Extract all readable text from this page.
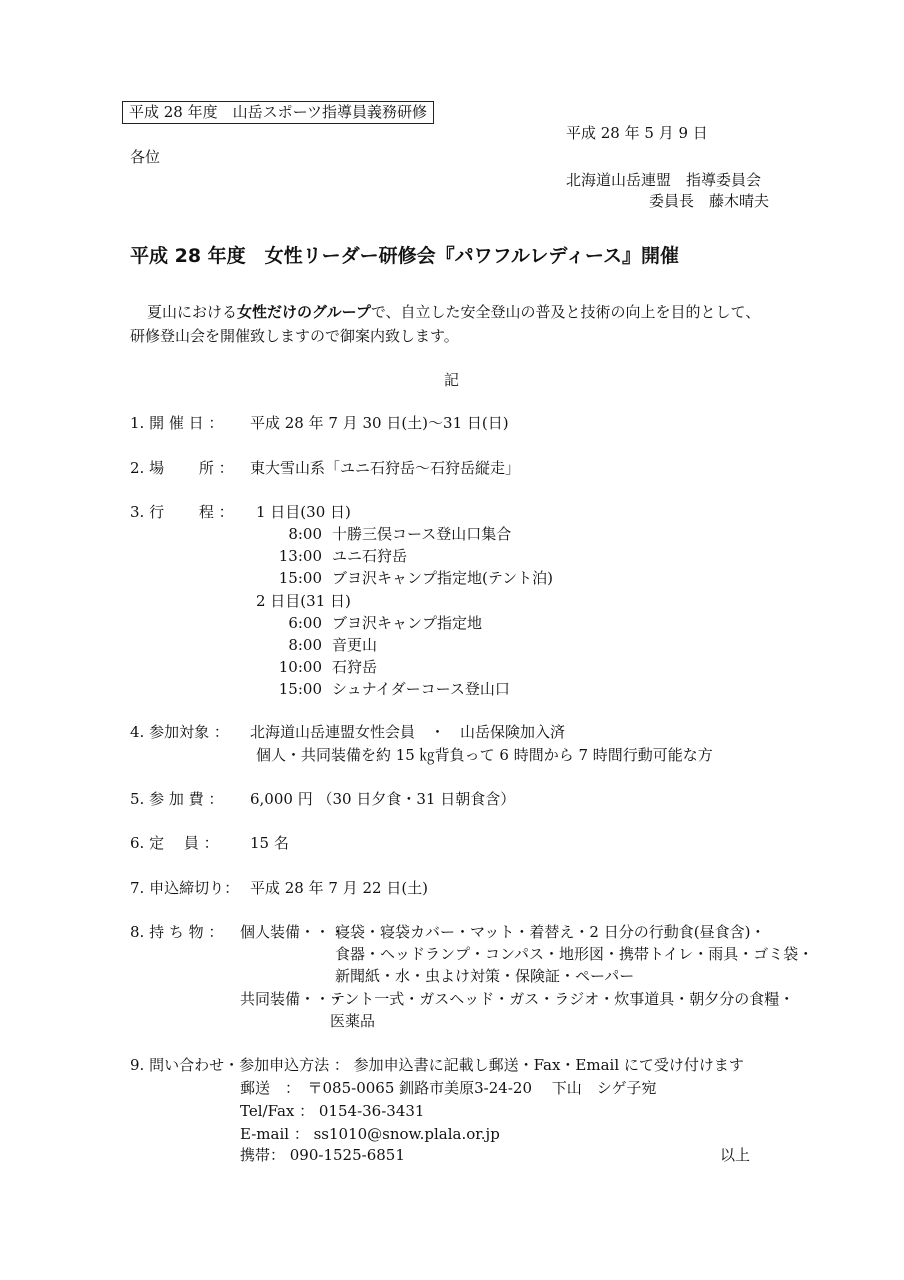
平成 28 年度　山岳スポーツ指導員義務研修
平成 28 年 5 月 9 日
各位
北海道山岳連盟　指導委員会
委員長　藤木晴夫
平成 28 年度　女性リーダー研修会『パワフルレディース』開催
夏山における女性だけのグループで、自立した安全登山の普及と技術の向上を目的として、
研修登山会を開催致しますので御案内致します。
記
1. 開 催 日 ： 平成 28 年 7 月 30 日(土)～31 日(日)
2. 場　　 所 ： 東大雪山系「ユニ石狩岳～石狩岳縦走」
3. 行　　 程 ： 1 日目(30 日)
8:00 十勝三俣コース登山口集合
13:00 ユニ石狩岳
15:00 ブヨ沢キャンプ指定地(テント泊)
2 日目(31 日)
6:00 ブヨ沢キャンプ指定地
8:00 音更山
10:00 石狩岳
15:00 シュナイダーコース登山口
4. 参加対象 ： 北海道山岳連盟女性会員　・　山岳保険加入済
個人・共同装備を約 15 ㎏背負って 6 時間から 7 時間行動可能な方
5. 参 加 費 ： 6,000 円 （30 日夕食・31 日朝食含）
6. 定　 員 ： 15 名
7. 申込締切り： 平成 28 年 7 月 22 日(土)
8. 持 ち 物 ： 個人装備・・・
寝袋・寝袋カバー・マット・着替え・2 日分の行動食(昼食含)・
食器・ヘッドランプ・コンパス・地形図・携帯トイレ・雨具・ゴミ袋・
新聞紙・水・虫よけ対策・保険証・ペーパー
共同装備・・・
テント一式・ガスヘッド・ガス・ラジオ・炊事道具・朝夕分の食糧・
医薬品
9. 問い合わせ・参加申込方法 ： 参加申込書に記載し郵送・Fax・Email にて受け付けます
郵送　：　〒085-0065 釧路市美原3-24-20　 下山　シゲ子宛
Tel/Fax ： 0154-36-3431
E-mail ： ss1010@snow.plala.or.jp
携帯： 090-1525-6851	以上
